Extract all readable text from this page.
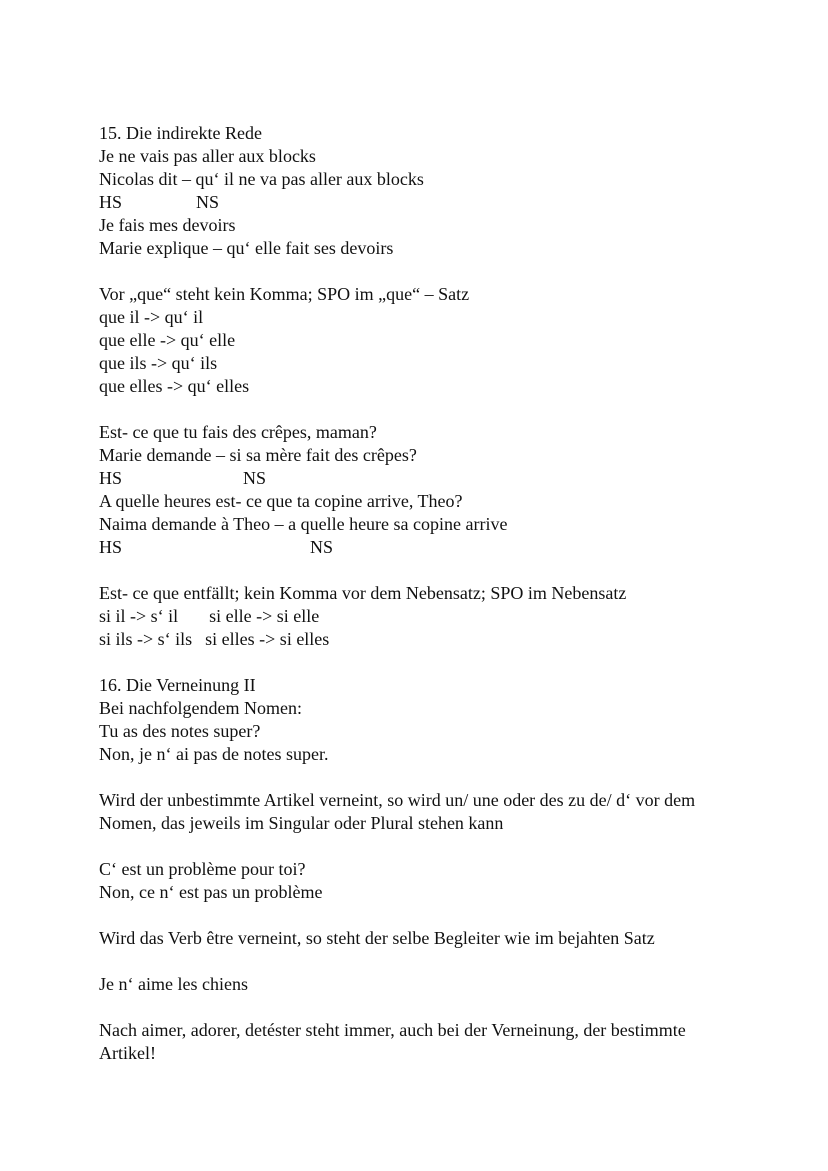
15. Die indirekte Rede
Je ne vais pas aller aux blocks
Nicolas dit – qu‘ il ne va pas aller aux blocks
HS	NS
Je fais mes devoirs
Marie explique – qu‘ elle fait ses devoirs
Vor „que“ steht kein Komma; SPO im „que“ – Satz
que il -> qu‘ il
que elle -> qu‘ elle
que ils -> qu‘ ils
que elles -> qu‘ elles
Est- ce que tu fais des crêpes, maman?
Marie demande – si sa mère fait des crêpes?
HS	NS
A quelle heures est- ce que ta copine arrive, Theo?
Naima demande à Theo – a quelle heure sa copine arrive
HS	NS
Est- ce que entfällt; kein Komma vor dem Nebensatz; SPO im Nebensatz
si il -> s‘ il si elle -> si elle
si ils -> s‘ ils si elles -> si elles
16. Die Verneinung II
Bei nachfolgendem Nomen:
Tu as des notes super?
Non, je n‘ ai pas de notes super.
Wird der unbestimmte Artikel verneint, so wird un/ une oder des zu de/ d‘ vor dem Nomen, das jeweils im Singular oder Plural stehen kann
C‘ est un problème pour toi?
Non, ce n‘ est pas un problème
Wird das Verb être verneint, so steht der selbe Begleiter wie im bejahten Satz
Je n‘ aime les chiens
Nach aimer, adorer, detéster steht immer, auch bei der Verneinung, der bestimmte Artikel!
